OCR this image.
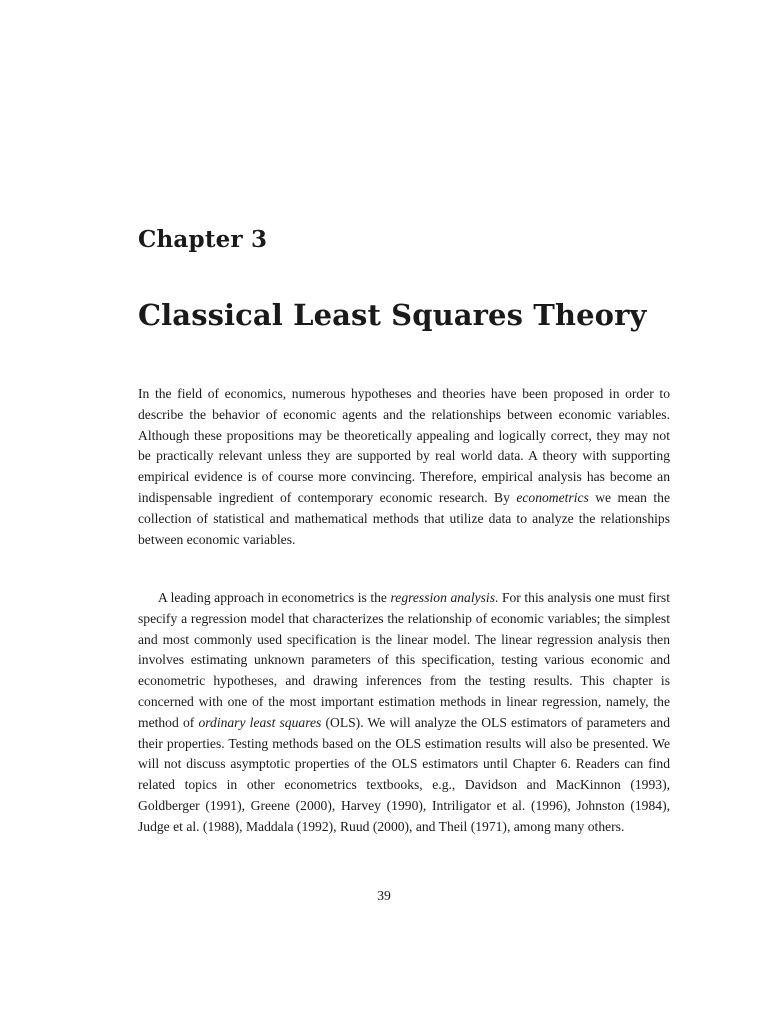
Chapter 3
Classical Least Squares Theory

In the field of economics, numerous hypotheses and theories have been proposed in order to describe the behavior of economic agents and the relationships between economic variables. Although these propositions may be theoretically appealing and logically correct, they may not be practically relevant unless they are supported by real world data. A theory with supporting empirical evidence is of course more convincing. Therefore, empirical analysis has become an indispensable ingredient of contemporary economic research. By econometrics we mean the collection of statistical and mathematical methods that utilize data to analyze the relationships between economic variables.

A leading approach in econometrics is the regression analysis. For this analysis one must first specify a regression model that characterizes the relationship of economic variables; the simplest and most commonly used specification is the linear model. The linear regression analysis then involves estimating unknown parameters of this specification, testing various economic and econometric hypotheses, and drawing inferences from the testing results. This chapter is concerned with one of the most important estimation methods in linear regression, namely, the method of ordinary least squares (OLS). We will analyze the OLS estimators of parameters and their properties. Testing methods based on the OLS estimation results will also be presented. We will not discuss asymptotic properties of the OLS estimators until Chapter 6. Readers can find related topics in other econometrics textbooks, e.g., Davidson and MacKinnon (1993), Goldberger (1991), Greene (2000), Harvey (1990), Intriligator et al. (1996), Johnston (1984), Judge et al. (1988), Maddala (1992), Ruud (2000), and Theil (1971), among many others.

39
